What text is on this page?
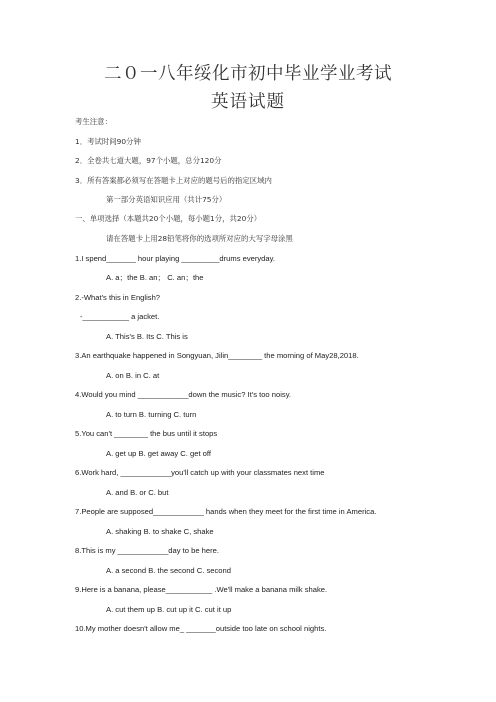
二０一八年绥化市初中毕业学业考试
英语试题
考生注意：
1．考试时间90分钟
2．全卷共七道大题，97个小题，总分120分
3．所有答案都必须写在答题卡上对应的题号后的指定区域内
第一部分英语知识应用（共计75分）
一、单项选择（本题共20个小题，每小题1分，共20分）
请在答题卡上用28铅笔将你的选项所对应的大写字母涂黑
1.I spend_______ hour playing _________drums everyday.
A. a；the B. an； C. an；the
2.-What's this in English?
-___________ a jacket.
A. This's B. Its C. This is
3.An earthquake happened in Songyuan, Jilin________ the morning of May28,2018.
A. on B. in C. at
4.Would you mind ____________down the music? It's too noisy.
A. to turn B. turning C. turn
5.You can't ________ the bus until it stops
A. get up B. get away C. get off
6.Work hard, ____________you'll catch up with your classmates next time
A. and B. or C. but
7.People are supposed____________ hands when they meet for the first time in America.
A. shaking B. to shake C, shake
8.This is my ____________day to be here.
A. a second B. the second C. second
9.Here is a banana, please___________ .We'll make a banana milk shake.
A. cut them up B. cut up it C. cut it up
10.My mother doesn't allow me_ _______outside too late on school nights.
